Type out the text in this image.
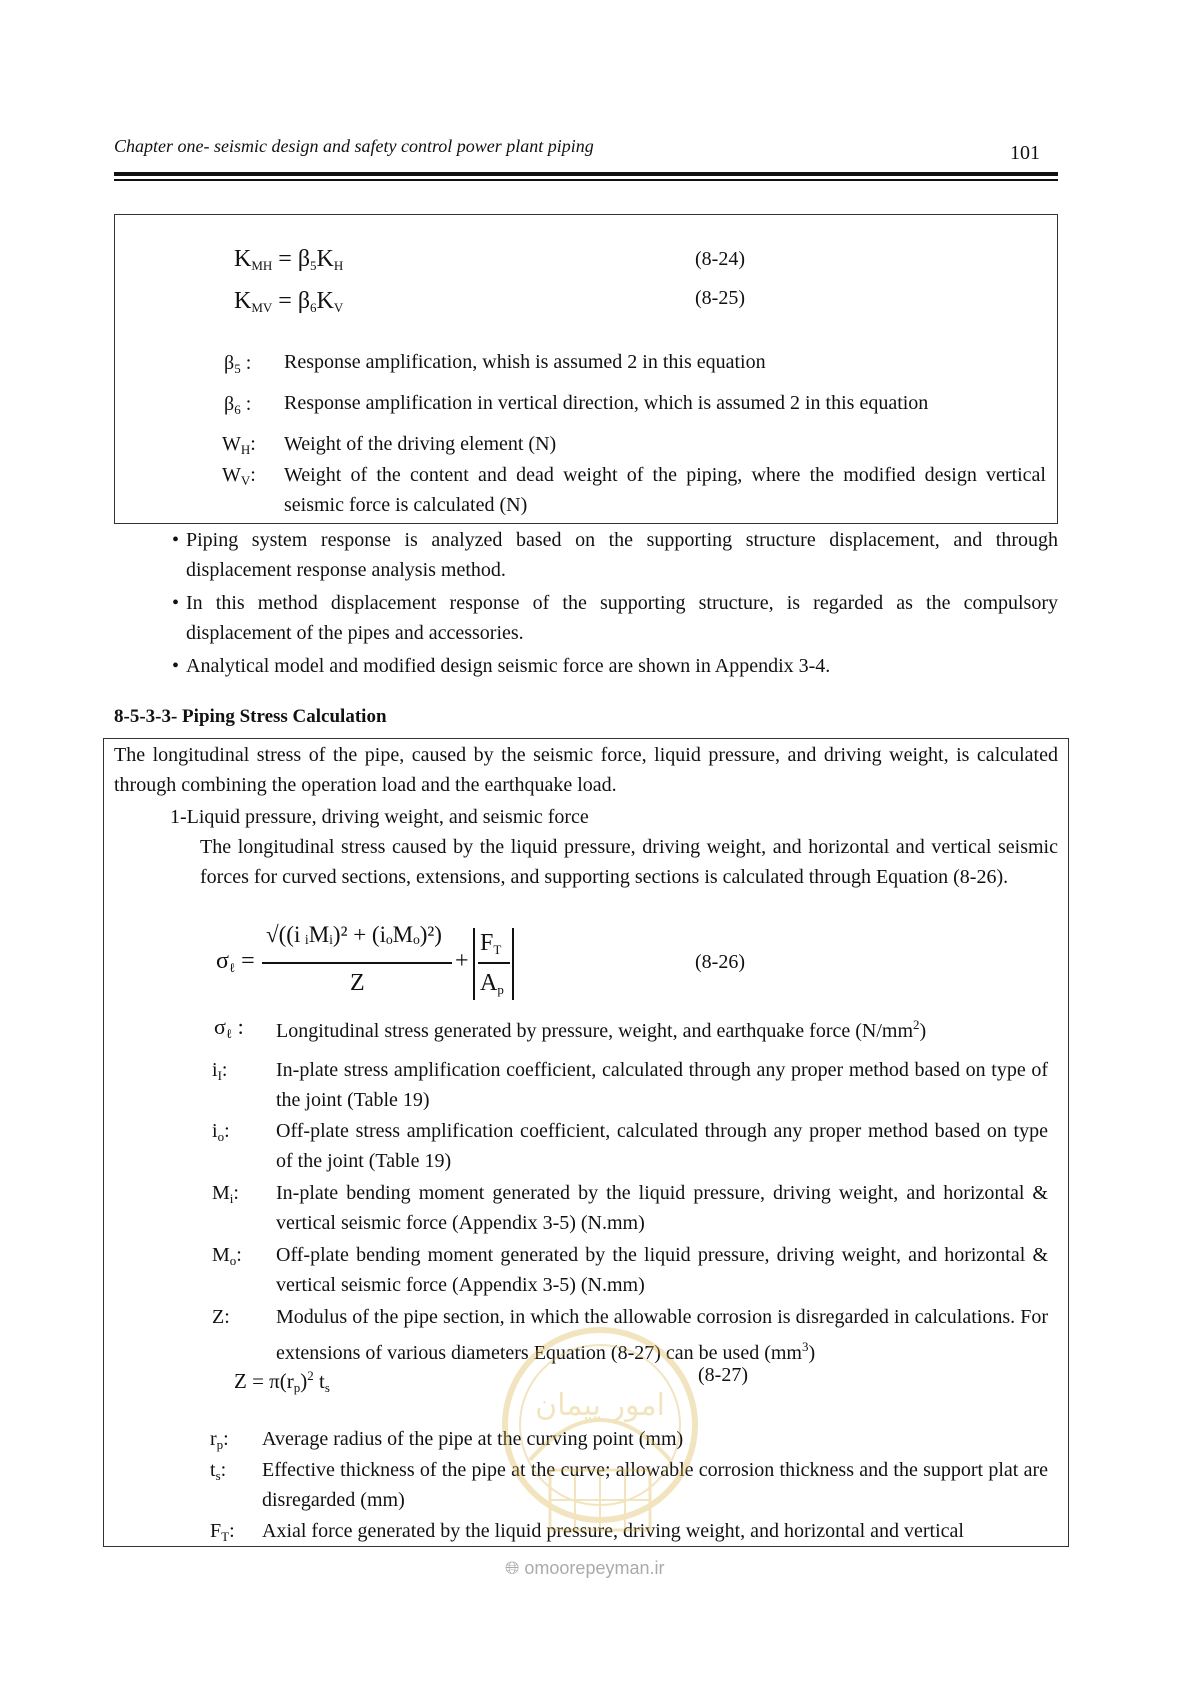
Chapter one- seismic design and safety control power plant piping	101
$K_{MH} = \beta_5K_H$	(8-24)
$K_{MV} = \beta_6K_V$	(8-25)
$\beta_5$ : Response amplification, whish is assumed 2 in this equation
$\beta_6$ : Response amplification in vertical direction, which is assumed 2 in this equation
$W_H$: Weight of the driving element (N)
$W_V$: Weight of the content and dead weight of the piping, where the modified design vertical seismic force is calculated (N)
• Piping system response is analyzed based on the supporting structure displacement, and through displacement response analysis method.
• In this method displacement response of the supporting structure, is regarded as the compulsory displacement of the pipes and accessories.
• Analytical model and modified design seismic force are shown in Appendix 3-4.
8-5-3-3- Piping Stress Calculation
The longitudinal stress of the pipe, caused by the seismic force, liquid pressure, and driving weight, is calculated through combining the operation load and the earthquake load.
1-Liquid pressure, driving weight, and seismic force
The longitudinal stress caused by the liquid pressure, driving weight, and horizontal and vertical seismic forces for curved sections, extensions, and supporting sections is calculated through Equation (8-26).
$\sigma_\ell$ =
√((i ᵢMᵢ)² + (iₒMₒ)²)
Z
+
$F_T$
$A_p$
(8-26)
$\sigma_\ell$ : Longitudinal stress generated by pressure, weight, and earthquake force $(N/mm^2)$
$i_I$: In-plate stress amplification coefficient, calculated through any proper method based on type of the joint (Table 19)
$i_o$: Off-plate stress amplification coefficient, calculated through any proper method based on type of the joint (Table 19)
$M_i$: In-plate bending moment generated by the liquid pressure, driving weight, and horizontal & vertical seismic force (Appendix 3-5) (N.mm)
$M_o$: Off-plate bending moment generated by the liquid pressure, driving weight, and horizontal & vertical seismic force (Appendix 3-5) (N.mm)
Z: Modulus of the pipe section, in which the allowable corrosion is disregarded in calculations. For extensions of various diameters Equation (8-27) can be used $(mm^3)$
$Z = \pi(r_p)^2$ $t_s$
(8-27)
$r_p$: Average radius of the pipe at the curving point (mm)
$t_s$: Effective thickness of the pipe at the curve; allowable corrosion thickness and the support plat are disregarded (mm)
$F_T$: Axial force generated by the liquid pressure, driving weight, and horizontal and vertical
امور پیمان
🌐︎ omoorepeyman.ir
